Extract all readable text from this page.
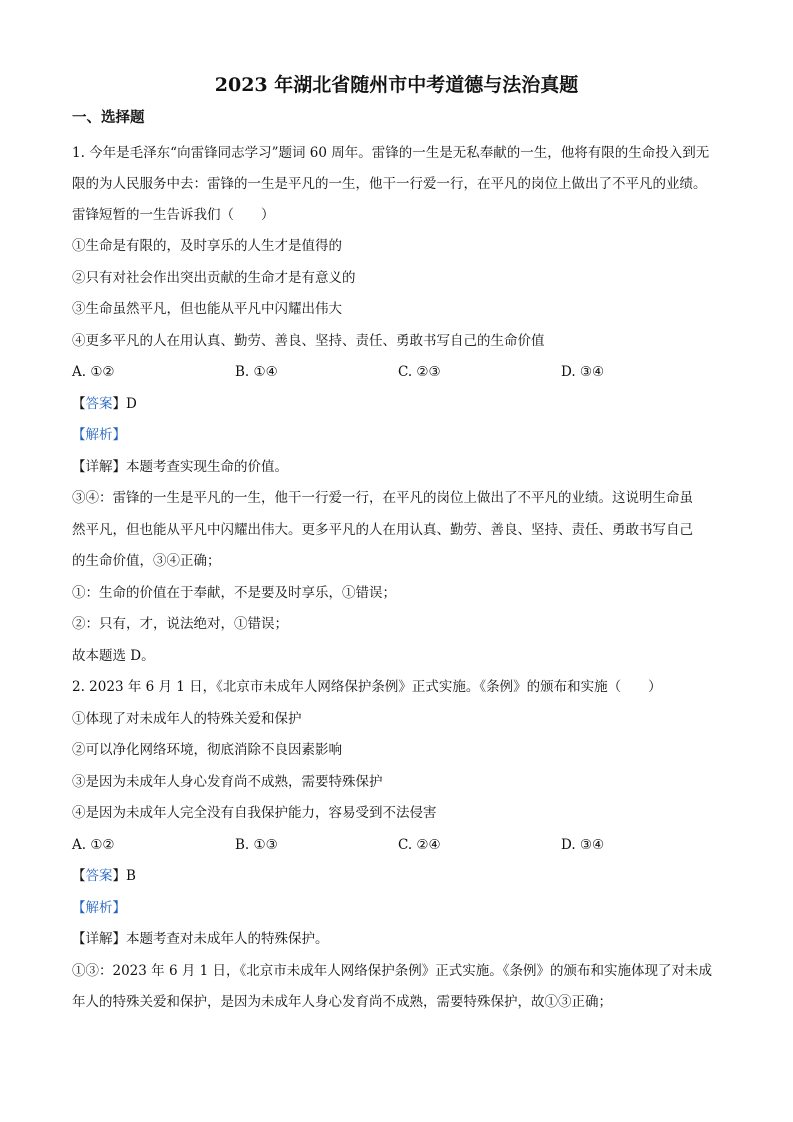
2023 年湖北省随州市中考道德与法治真题
一、选择题

1. 今年是毛泽东“向雷锋同志学习”题词 60 周年。雷锋的一生是无私奉献的一生，他将有限的生命投入到无

限的为人民服务中去：雷锋的一生是平凡的一生，他干一行爱一行，在平凡的岗位上做出了不平凡的业绩。

雷锋短暂的一生告诉我们（　　）

①生命是有限的，及时享乐的人生才是值得的

②只有对社会作出突出贡献的生命才是有意义的

③生命虽然平凡，但也能从平凡中闪耀出伟大

④更多平凡的人在用认真、勤劳、善良、坚持、责任、勇敢书写自己的生命价值

A. ①②	B. ①④	C. ②③	D. ③④

【答案】D

【解析】

【详解】本题考查实现生命的价值。

③④：雷锋的一生是平凡的一生，他干一行爱一行，在平凡的岗位上做出了不平凡的业绩。这说明生命虽

然平凡，但也能从平凡中闪耀出伟大。更多平凡的人在用认真、勤劳、善良、坚持、责任、勇敢书写自己

的生命价值，③④正确；

①：生命的价值在于奉献，不是要及时享乐，①错误；

②：只有，才，说法绝对，①错误；

故本题选 D。

2. 2023 年 6 月 1 日，《北京市未成年人网络保护条例》正式实施。《条例》的颁布和实施（　　）

①体现了对未成年人的特殊关爱和保护

②可以净化网络环境，彻底消除不良因素影响

③是因为未成年人身心发育尚不成熟，需要特殊保护

④是因为未成年人完全没有自我保护能力，容易受到不法侵害

A. ①②	B. ①③	C. ②④	D. ③④

【答案】B

【解析】

【详解】本题考查对未成年人的特殊保护。

①③：2023 年 6 月 1 日，《北京市未成年人网络保护条例》正式实施。《条例》的颁布和实施体现了对未成

年人的特殊关爱和保护，是因为未成年人身心发育尚不成熟，需要特殊保护，故①③正确；
